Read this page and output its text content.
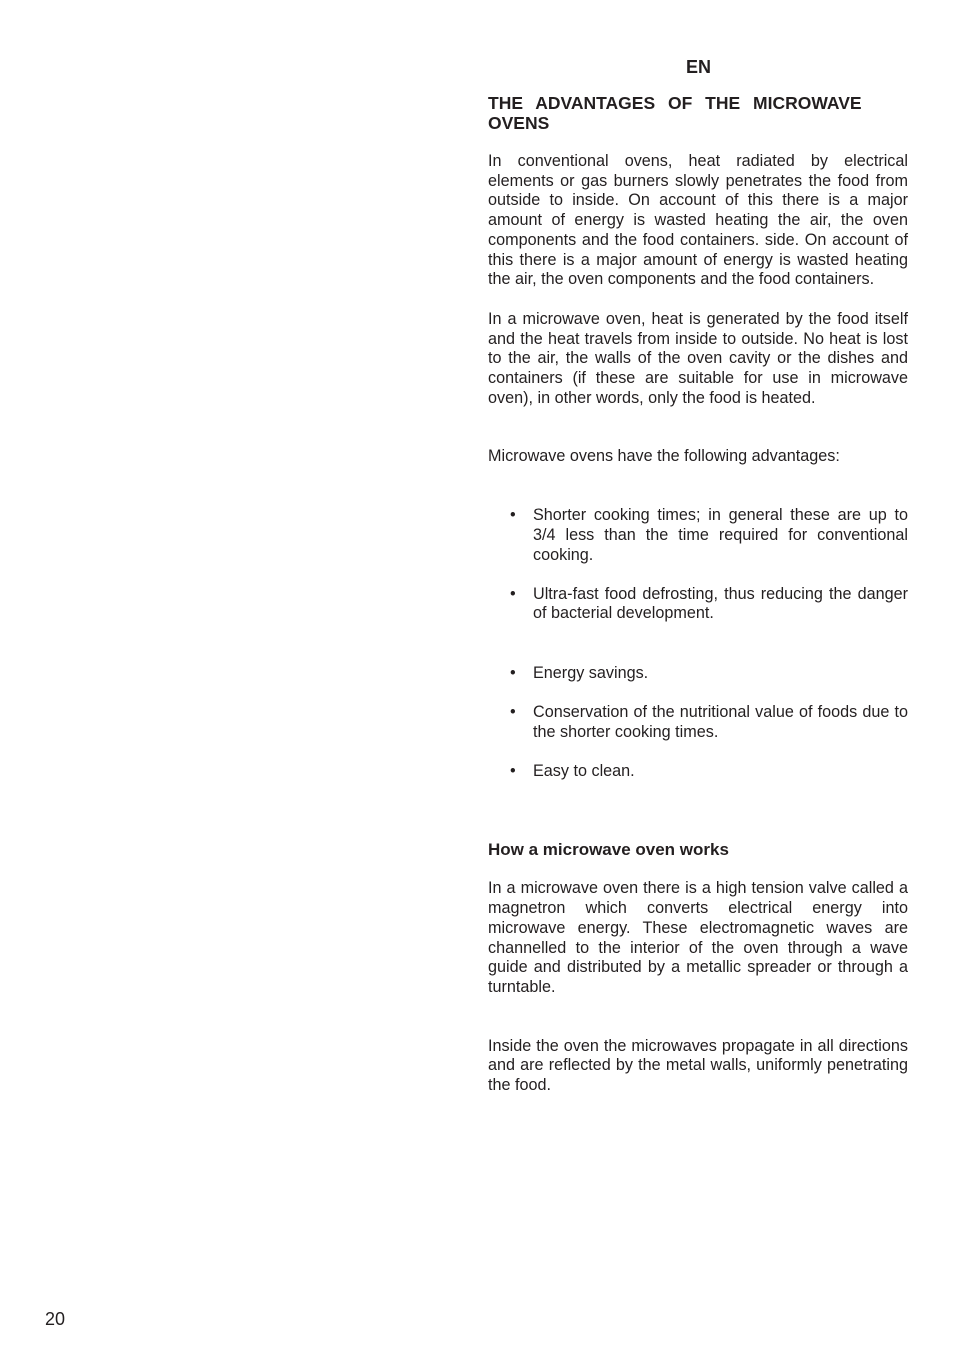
EN
THE ADVANTAGES OF THE MICROWAVE
OVENS

In conventional ovens, heat radiated by electrical elements or gas burners slowly penetrates the food from outside to inside. On account of this there is a major amount of energy is wasted heating the air, the oven components and the food containers. side. On account of this there is a major amount of energy is wasted heating the air, the oven components and the food containers.

In a microwave oven, heat is generated by the food itself and the heat travels from inside to outside. No heat is lost to the air, the walls of the oven cavity or the dishes and containers (if these are suitable for use in microwave oven), in other words, only the food is heated.

Microwave ovens have the following advantages:

• Shorter cooking times; in general these are up to 3/4 less than the time required for conventional cooking.
• Ultra-fast food defrosting, thus reducing the danger of bacterial development.
• Energy savings.
• Conservation of the nutritional value of foods due to the shorter cooking times.
• Easy to clean.
How a microwave oven works

In a microwave oven there is a high tension valve called a magnetron which converts electrical energy into microwave energy. These electromagnetic waves are channelled to the interior of the oven through a wave guide and distributed by a metallic spreader or through a turntable.

Inside the oven the microwaves propagate in all directions and are reflected by the metal walls, uniformly penetrating the food.

20
